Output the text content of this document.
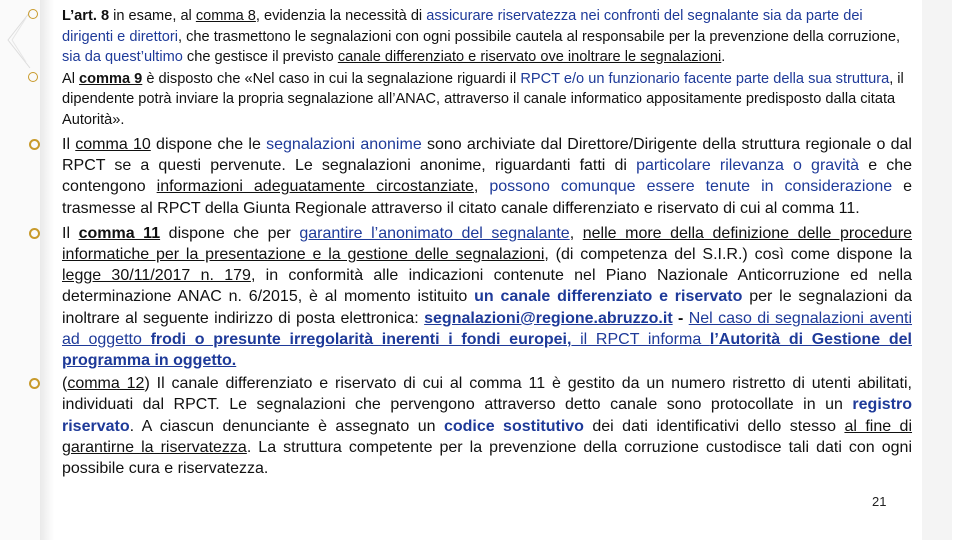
L’art. 8 in esame, al comma 8, evidenzia la necessità di assicurare riservatezza nei confronti del segnalante sia da parte dei dirigenti e direttori, che trasmettono le segnalazioni con ogni possibile cautela al responsabile per la prevenzione della corruzione, sia da quest’ultimo che gestisce il previsto canale differenziato e riservato ove inoltrare le segnalazioni.

Al comma 9 è disposto che «Nel caso in cui la segnalazione riguardi il RPCT e/o un funzionario facente parte della sua struttura, il dipendente potrà inviare la propria segnalazione all’ANAC, attraverso il canale informatico appositamente predisposto dalla citata Autorità».

Il comma 10 dispone che le segnalazioni anonime sono archiviate dal Direttore/Dirigente della struttura regionale o dal RPCT se a questi pervenute. Le segnalazioni anonime, riguardanti fatti di particolare rilevanza o gravità e che contengono informazioni adeguatamente circostanziate, possono comunque essere tenute in considerazione e trasmesse al RPCT della Giunta Regionale attraverso il citato canale differenziato e riservato di cui al comma 11.

Il comma 11 dispone che per garantire l’anonimato del segnalante, nelle more della definizione delle procedure informatiche per la presentazione e la gestione delle segnalazioni, (di competenza del S.I.R.) così come dispone la legge 30/11/2017 n. 179, in conformità alle indicazioni contenute nel Piano Nazionale Anticorruzione ed nella determinazione ANAC n. 6/2015, è al momento istituito un canale differenziato e riservato per le segnalazioni da inoltrare al seguente indirizzo di posta elettronica: segnalazioni@regione.abruzzo.it - Nel caso di segnalazioni aventi ad oggetto frodi o presunte irregolarità inerenti i fondi europei, il RPCT informa l’Autorità di Gestione del programma in oggetto.

(comma 12) Il canale differenziato e riservato di cui al comma 11 è gestito da un numero ristretto di utenti abilitati, individuati dal RPCT. Le segnalazioni che pervengono attraverso detto canale sono protocollate in un registro riservato. A ciascun denunciante è assegnato un codice sostitutivo dei dati identificativi dello stesso al fine di garantirne la riservatezza. La struttura competente per la prevenzione della corruzione custodisce tali dati con ogni possibile cura e riservatezza.

21
